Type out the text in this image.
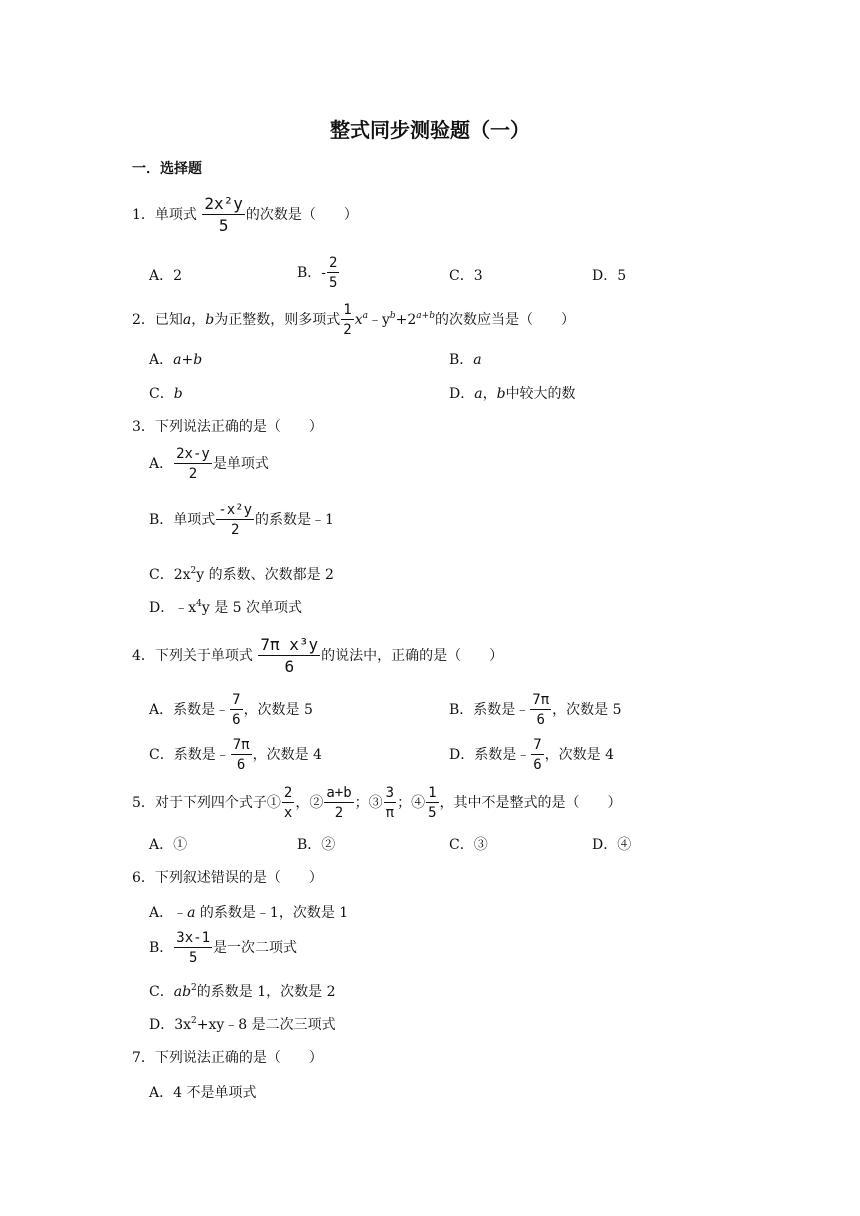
整式同步测验题（一）
一．选择题
1．单项式 $\frac{\text{2x²y}}{5}$ 的次数是（　　）
A．2	B．- $\frac{2}{5}$	C．3	D．5
2．已知a，b为正整数，则多项式 $\frac{1}{2}$ $x^a﹣y^b+2^{a+b}$的次数应当是（　　）
A．a+b	B．a
C．b	D．a，b中较大的数
3．下列说法正确的是（　　）
A． $\frac{2x-y}{2}$ 是单项式
B．单项式 $\frac{\text{-x²y}}{2}$ 的系数是﹣1
C．$2x^2y$ 的系数、次数都是 2
D．$﹣x^4y$ 是 5 次单项式
4．下列关于单项式 $\frac{\text{7π x³y}}{6}$ 的说法中，正确的是（　　）
A．系数是﹣ $\frac{7}{6}$ ，次数是 5	B．系数是﹣ $\frac{7\pi}{6}$ ，次数是 5
C．系数是﹣ $\frac{7\pi}{6}$ ，次数是 4	D．系数是﹣ $\frac{7}{6}$ ，次数是 4
5．对于下列四个式子① $\frac{2}{x}$ ，② $\frac{a+b}{2}$ ；③ $\frac{3}{\pi}$ ；④ $\frac{1}{5}$ ，其中不是整式的是（　　）
A．①	B．②	C．③	D．④
6．下列叙述错误的是（　　）
A．﹣a 的系数是﹣1，次数是 1
B． $\frac{3x-1}{5}$ 是一次二项式
C．$ab^2$的系数是 1，次数是 2
D．$3x^2+xy﹣8$ 是二次三项式
7．下列说法正确的是（　　）
A．4 不是单项式
